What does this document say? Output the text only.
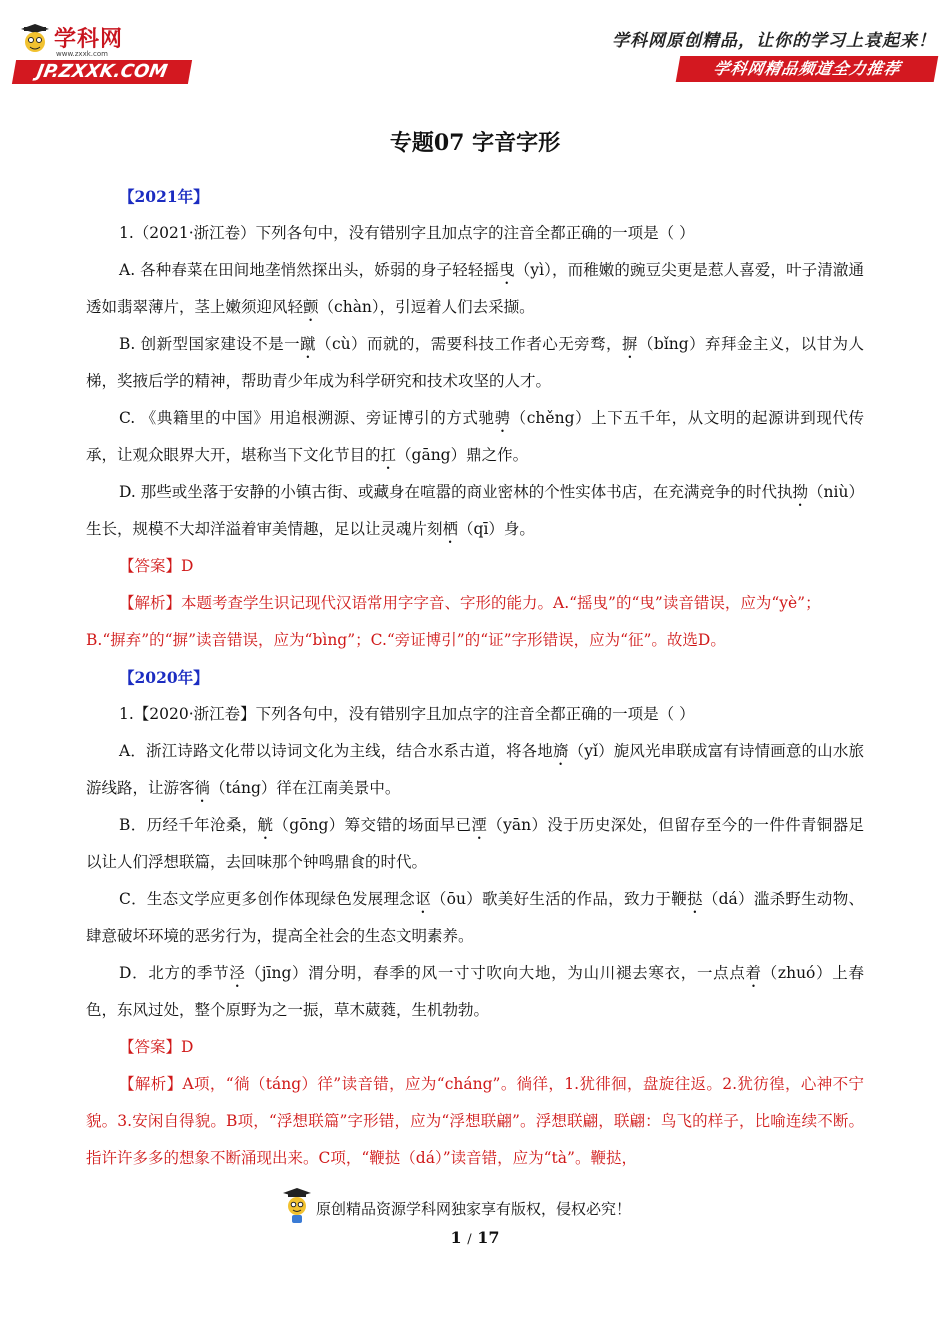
学科网
www.zxxk.com
JP.ZXXK.COM
学科网原创精品，让你的学习上袁起来！
学科网精品频道全力推荐
专题07 字音字形

【2021年】

1.（2021·浙江卷）下列各句中，没有错别字且加点字的注音全都正确的一项是（ ）

A. 各种春菜在田间地垄悄然探出头，娇弱的身子轻轻摇曳（yì），而稚嫩的豌豆尖更是惹人喜爱，叶子清澈通透如翡翠薄片，茎上嫩须迎风轻颤（chàn），引逗着人们去采撷。

B. 创新型国家建设不是一蹴（cù）而就的，需要科技工作者心无旁骛，摒（bǐng）弃拜金主义，以甘为人梯，奖掖后学的精神，帮助青少年成为科学研究和技术攻坚的人才。

C. 《典籍里的中国》用追根溯源、旁证博引的方式驰骋（chěng）上下五千年，从文明的起源讲到现代传承，让观众眼界大开，堪称当下文化节目的扛（gāng）鼎之作。

D. 那些或坐落于安静的小镇古街、或藏身在喧嚣的商业密林的个性实体书店，在充满竞争的时代执拗（niù）生长，规模不大却洋溢着审美情趣，足以让灵魂片刻栖（qī）身。

【答案】D

【解析】本题考查学生识记现代汉语常用字字音、字形的能力。A.“摇曳”的“曳”读音错误，应为“yè”；

B.“摒弃”的“摒”读音错误，应为“bìng”；C.“旁证博引”的“证”字形错误，应为“征”。故选D。

【2020年】

1.【2020·浙江卷】下列各句中，没有错别字且加点字的注音全都正确的一项是（ ）

A．浙江诗路文化带以诗词文化为主线，结合水系古道，将各地旖（yǐ）旎风光串联成富有诗情画意的山水旅游线路，让游客徜（táng）徉在江南美景中。

B．历经千年沧桑，觥（gōng）筹交错的场面早已湮（yān）没于历史深处，但留存至今的一件件青铜器足以让人们浮想联篇，去回味那个钟鸣鼎食的时代。

C．生态文学应更多创作体现绿色发展理念讴（ōu）歌美好生活的作品，致力于鞭挞（dá）滥杀野生动物、肆意破坏环境的恶劣行为，提高全社会的生态文明素养。

D．北方的季节泾（jīng）渭分明，春季的风一寸寸吹向大地，为山川褪去寒衣，一点点着（zhuó）上春色，东风过处，整个原野为之一振，草木葳蕤，生机勃勃。

【答案】D

【解析】A项，“徜（táng）徉”读音错，应为“cháng”。徜徉，1.犹徘徊，盘旋往返。2.犹彷徨，心神不宁貌。3.安闲自得貌。B项，“浮想联篇”字形错，应为“浮想联翩”。浮想联翩，联翩：鸟飞的样子，比喻连续不断。 指许许多多的想象不断涌现出来。C项，“鞭挞（dá）”读音错，应为“tà”。鞭挞，

原创精品资源学科网独家享有版权，侵权必究！
1 / 17
